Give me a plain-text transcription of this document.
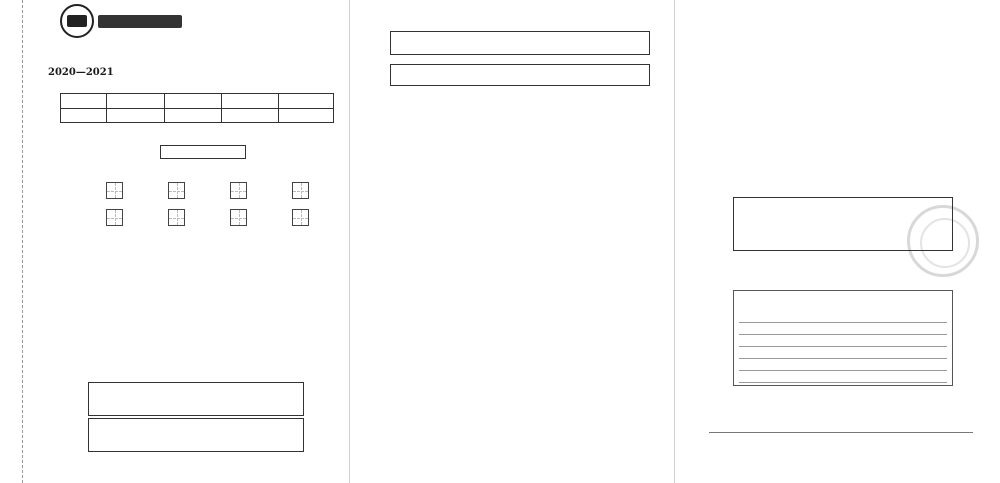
2020—2021
